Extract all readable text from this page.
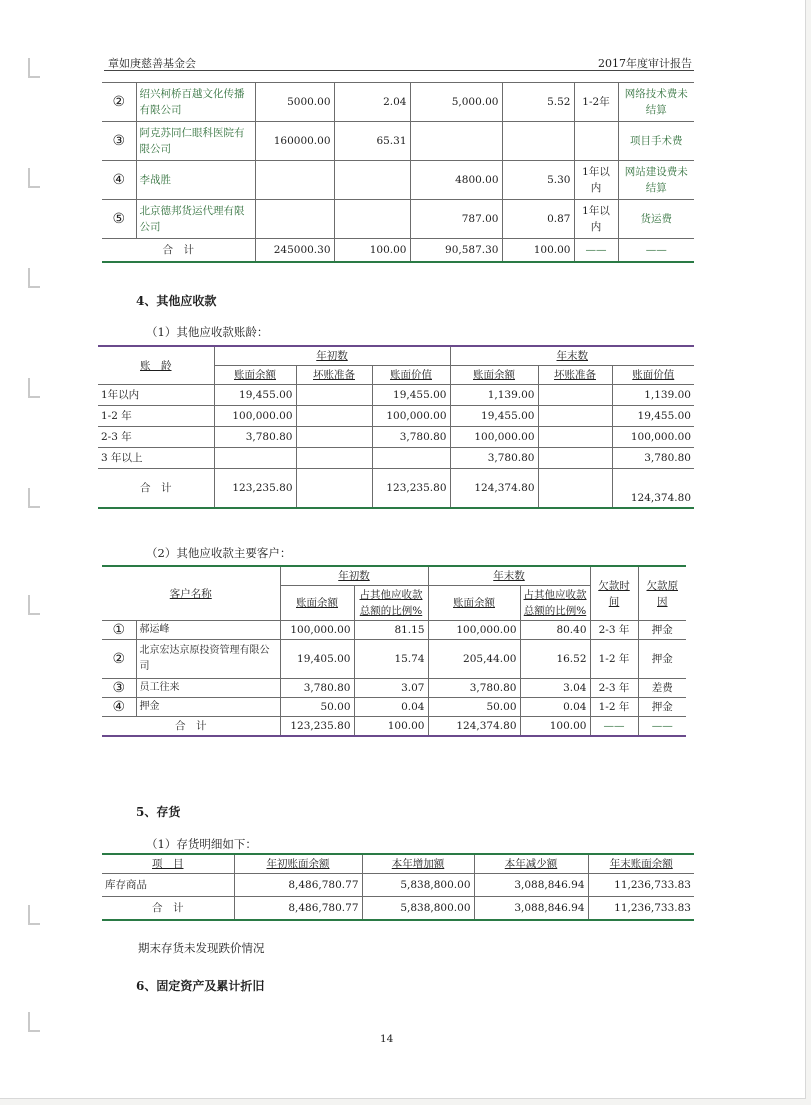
章如庚慈善基金会	2017年度审计报告
②	绍兴柯桥百越文化传播有限公司	5000.00	2.04	5,000.00	5.52	1-2年	网络技术费未结算
③	阿克苏同仁眼科医院有限公司	160000.00	65.31				项目手术费
④	李战胜			4800.00	5.30	1年以内	网站建设费未结算
⑤	北京德邦货运代理有限公司			787.00	0.87	1年以内	货运费
合　计		245000.30	100.00	90,587.30	100.00	——	——
4、其他应收款
（1）其他应收款账龄：
账　龄	年初数			年末数		
	账面余额	坏账准备	账面价值	账面余额	坏账准备	账面价值
1年以内	19,455.00		19,455.00	1,139.00		1,139.00
1-2 年	100,000.00		100,000.00	19,455.00		19,455.00
2-3 年	3,780.80		3,780.80	100,000.00		100,000.00
3 年以上				3,780.80		3,780.80
合　计	123,235.80		123,235.80	124,374.80		124,374.80
（2）其他应收款主要客户：
客户名称		年初数		年末数		欠款时间	欠款原因
		账面余额	占其他应收款总额的比例%	账面余额	占其他应收款总额的比例%		
①	郝运峰	100,000.00	81.15	100,000.00	80.40	2-3 年	押金
②	北京宏达京原投资管理有限公司	19,405.00	15.74	205,44.00	16.52	1-2 年	押金
③	员工往来	3,780.80	3.07	3,780.80	3.04	2-3 年	差费
④	押金	50.00	0.04	50.00	0.04	1-2 年	押金
合　计		123,235.80	100.00	124,374.80	100.00	——	——
5、存货
（1）存货明细如下：
项　目	年初账面余额	本年增加额	本年减少额	年末账面余额
库存商品	8,486,780.77	5,838,800.00	3,088,846.94	11,236,733.83
合　计	8,486,780.77	5,838,800.00	3,088,846.94	11,236,733.83
期末存货未发现跌价情况
6、固定资产及累计折旧
14
